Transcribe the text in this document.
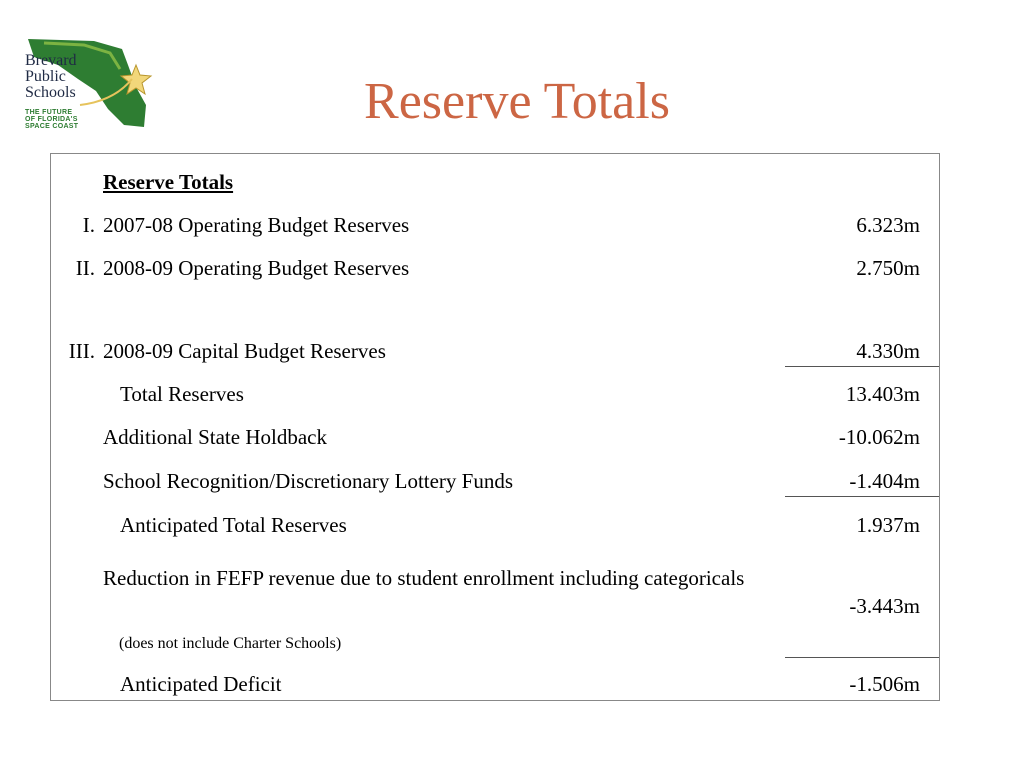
Brevard
Public
Schools
THE FUTURE
OF FLORIDA'S
SPACE COAST	Reserve Totals
Reserve Totals
I. 2007-08 Operating Budget Reserves	6.323m
II. 2008-09 Operating Budget Reserves	2.750m
III. 2008-09 Capital Budget Reserves	4.330m
Total Reserves	13.403m
Additional State Holdback	-10.062m
School Recognition/Discretionary Lottery Funds	-1.404m
Anticipated Total Reserves	1.937m
Reduction in FEFP revenue due to student enrollment including categoricals
-3.443m
(does not include Charter Schools)
Anticipated Deficit	-1.506m
